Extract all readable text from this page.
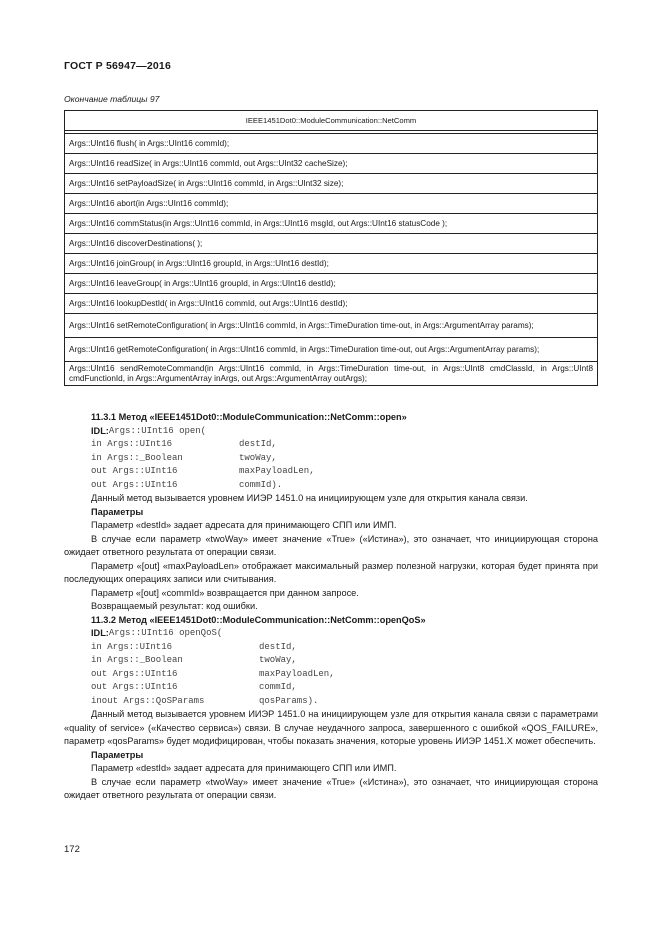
ГОСТ Р 56947—2016
Окончание таблицы 97
IEEE1451Dot0::ModuleCommunication::NetComm

Args::UInt16 flush( in Args::UInt16 commId);
Args::UInt16 readSize( in Args::UInt16 commId, out Args::UInt32 cacheSize);
Args::UInt16 setPayloadSize( in Args::UInt16 commId, in Args::UInt32 size);
Args::UInt16 abort(in Args::UInt16 commId);
Args::UInt16 commStatus(in Args::UInt16 commId, in Args::UInt16 msgId, out Args::UInt16 statusCode );
Args::UInt16 discoverDestinations( );
Args::UInt16 joinGroup( in Args::UInt16 groupId, in Args::UInt16 destId);
Args::UInt16 leaveGroup( in Args::UInt16 groupId, in Args::UInt16 destId);
Args::UInt16 lookupDestId( in Args::UInt16 commId, out Args::UInt16 destId);
Args::UInt16 setRemoteConfiguration( in Args::UInt16 commId, in Args::TimeDuration time-out, in Args::ArgumentArray params);
Args::UInt16 getRemoteConfiguration( in Args::UInt16 commId, in Args::TimeDuration time-out, out Args::ArgumentArray params);
Args::UInt16 sendRemoteCommand(in Args::UInt16 commId, in Args::TimeDuration time-out, in Args::UInt8 cmdClassId, in Args::UInt8 cmdFunctionId, in Args::ArgumentArray inArgs, out Args::ArgumentArray outArgs);

11.3.1 Метод «IEEE1451Dot0::ModuleCommunication::NetComm::open»

IDL: Args::UInt16 open(
in Args::UInt16	destId,
in Args::_Boolean	twoWay,
out Args::UInt16	maxPayloadLen,
out Args::UInt16	commId).

Данный метод вызывается уровнем ИИЭР 1451.0 на инициирующем узле для открытия канала связи.

Параметры

Параметр «destId» задает адресата для принимающего СПП или ИМП.

В случае если параметр «twoWay» имеет значение «True» («Истина»), это означает, что инициирующая сторона ожидает ответного результата от операции связи.

Параметр «[out] «maxPayloadLen» отображает максимальный размер полезной нагрузки, которая будет принята при последующих операциях записи или считывания.

Параметр «[out] «commId» возвращается при данном запросе.

Возвращаемый результат: код ошибки.

11.3.2 Метод «IEEE1451Dot0::ModuleCommunication::NetComm::openQoS»

IDL: Args::UInt16 openQoS(
in Args::UInt16	destId,
in Args::_Boolean	twoWay,
out Args::UInt16	maxPayloadLen,
out Args::UInt16	commId,
inout Args::QoSParams	qosParams).

Данный метод вызывается уровнем ИИЭР 1451.0 на инициирующем узле для открытия канала связи с параметрами «quality of service» («Качество сервиса») связи. В случае неудачного запроса, завершенного с ошибкой «QOS_FAILURE», параметр «qosParams» будет модифицирован, чтобы показать значения, которые уровень ИИЭР 1451.X может обеспечить.

Параметры

Параметр «destId» задает адресата для принимающего СПП или ИМП.

В случае если параметр «twoWay» имеет значение «True» («Истина»), это означает, что инициирующая сторона ожидает ответного результата от операции связи.

172
